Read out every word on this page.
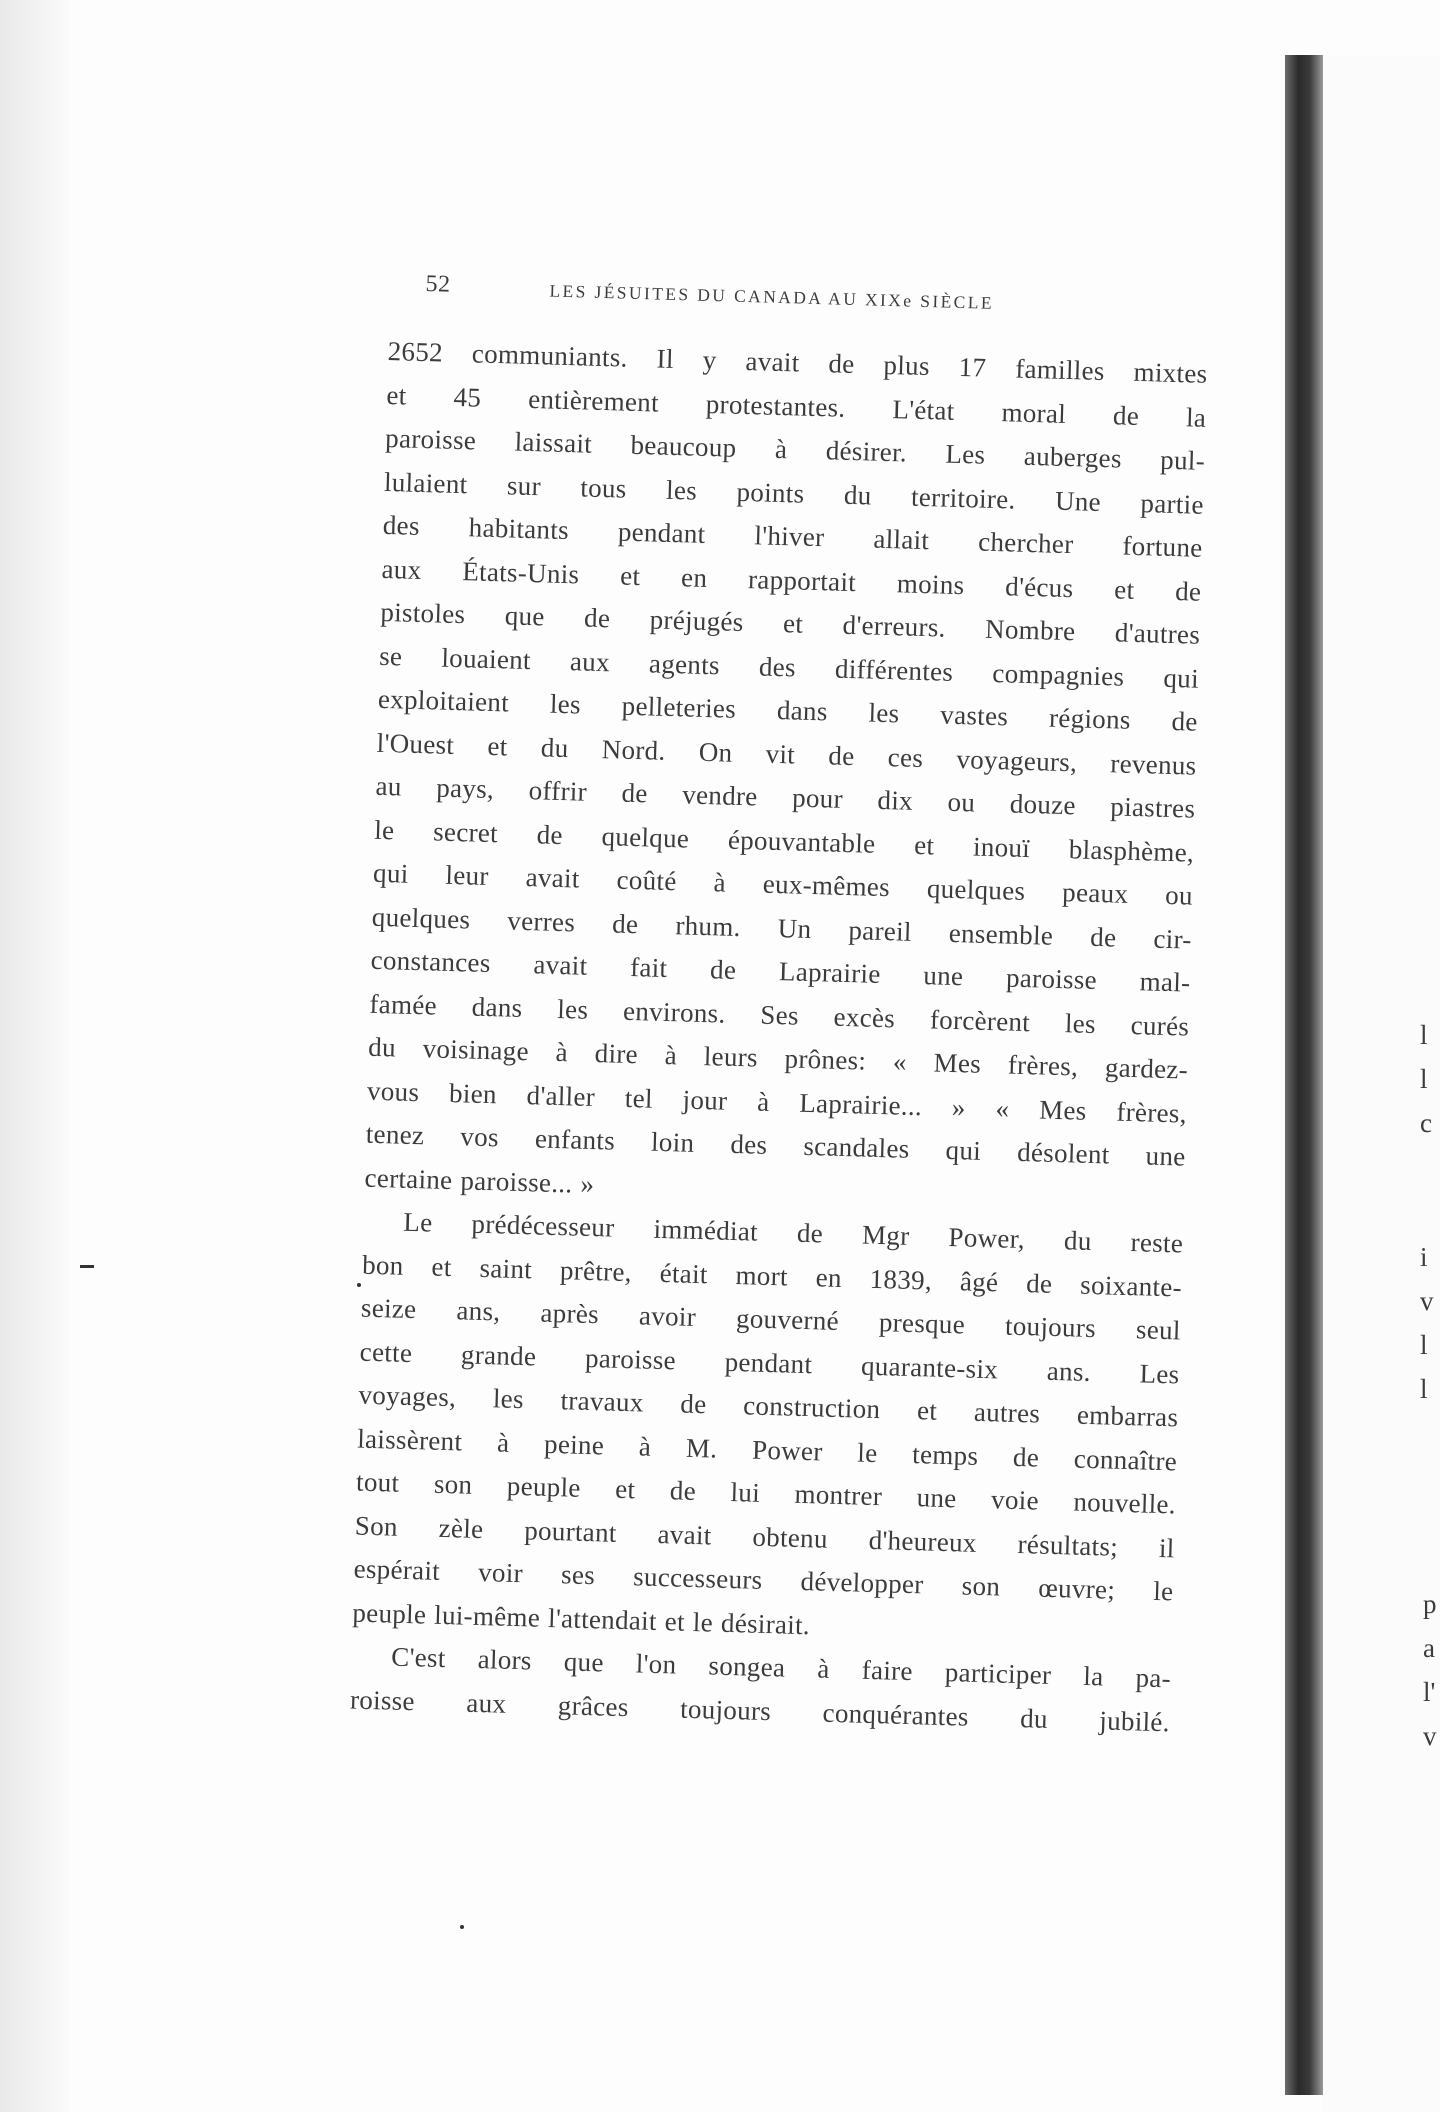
52	LES JÉSUITES DU CANADA AU XIXe SIÈCLE

2652 communiants. Il y avait de plus 17 familles mixtes
et 45 entièrement protestantes. L'état moral de la
paroisse laissait beaucoup à désirer. Les auberges pul-
lulaient sur tous les points du territoire. Une partie
des habitants pendant l'hiver allait chercher fortune
aux États-Unis et en rapportait moins d'écus et de
pistoles que de préjugés et d'erreurs. Nombre d'autres
se louaient aux agents des différentes compagnies qui
exploitaient les pelleteries dans les vastes régions de
l'Ouest et du Nord. On vit de ces voyageurs, revenus
au pays, offrir de vendre pour dix ou douze piastres
le secret de quelque épouvantable et inouï blasphème,
qui leur avait coûté à eux-mêmes quelques peaux ou
quelques verres de rhum. Un pareil ensemble de cir-
constances avait fait de Laprairie une paroisse mal-
famée dans les environs. Ses excès forcèrent les curés
du voisinage à dire à leurs prônes: « Mes frères, gardez-
vous bien d'aller tel jour à Laprairie... » « Mes frères,
tenez vos enfants loin des scandales qui désolent une
certaine paroisse... »

Le prédécesseur immédiat de Mgr Power, du reste
bon et saint prêtre, était mort en 1839, âgé de soixante-
seize ans, après avoir gouverné presque toujours seul
cette grande paroisse pendant quarante-six ans. Les
voyages, les travaux de construction et autres embarras
laissèrent à peine à M. Power le temps de connaître
tout son peuple et de lui montrer une voie nouvelle.
Son zèle pourtant avait obtenu d'heureux résultats; il
espérait voir ses successeurs développer son œuvre; le
peuple lui-même l'attendait et le désirait.

C'est alors que l'on songea à faire participer la pa-
roisse aux grâces toujours conquérantes du jubilé.

l
l
c
i
v
l
l
p
a
l'
v
